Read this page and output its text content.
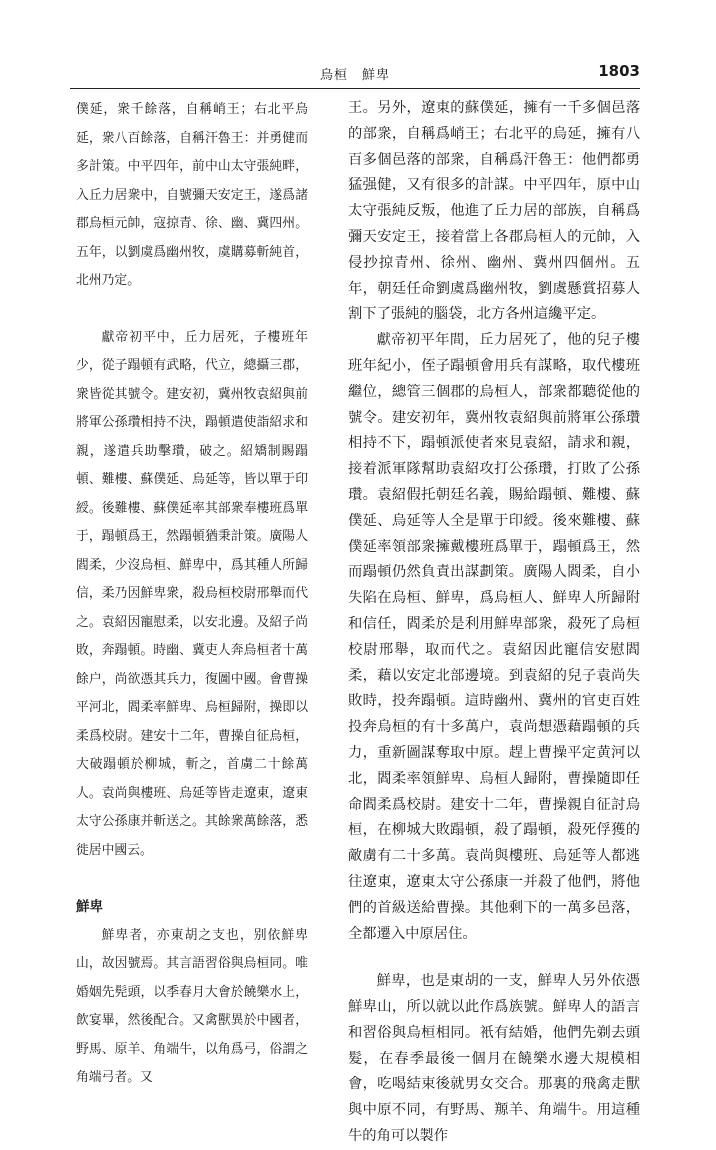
烏桓　鮮卑	1803

僕延，衆千餘落，自稱峭王；右北平烏延，衆八百餘落，自稱汗魯王：并勇健而多計策。中平四年，前中山太守張純畔，入丘力居衆中，自號彌天安定王，遂爲諸郡烏桓元帥，寇掠青、徐、幽、冀四州。五年，以劉虞爲幽州牧，虞購募斬純首，北州乃定。

獻帝初平中，丘力居死，子樓班年少，從子蹋頓有武略，代立，總攝三郡，衆皆從其號令。建安初，冀州牧袁紹與前將軍公孫瓚相持不決，蹋頓遣使詣紹求和親，遂遣兵助擊瓚，破之。紹矯制賜蹋頓、難樓、蘇僕延、烏延等，皆以單于印綬。後難樓、蘇僕延率其部衆奉樓班爲單于，蹋頓爲王，然蹋頓猶秉計策。廣陽人閻柔，少沒烏桓、鮮卑中，爲其種人所歸信，柔乃因鮮卑衆，殺烏桓校尉邢舉而代之。袁紹因寵慰柔，以安北邊。及紹子尚敗，奔蹋頓。時幽、冀吏人奔烏桓者十萬餘户，尚欲憑其兵力，復圖中國。會曹操平河北，閻柔率鮮卑、烏桓歸附，操即以柔爲校尉。建安十二年，曹操自征烏桓，大破蹋頓於柳城，斬之，首虜二十餘萬人。袁尚與樓班、烏延等皆走遼東，遼東太守公孫康并斬送之。其餘衆萬餘落，悉徙居中國云。

鮮卑

鮮卑者，亦東胡之支也，别依鮮卑山，故因號焉。其言語習俗與烏桓同。唯婚姻先髡頭，以季春月大會於饒樂水上，飲宴畢，然後配合。又禽獸異於中國者，野馬、原羊、角端牛，以角爲弓，俗謂之角端弓者。又

王。另外，遼東的蘇僕延，擁有一千多個邑落的部衆，自稱爲峭王；右北平的烏延，擁有八百多個邑落的部衆，自稱爲汗魯王：他們都勇猛强健，又有很多的計謀。中平四年，原中山太守張純反叛，他進了丘力居的部族，自稱爲彌天安定王，接着當上各郡烏桓人的元帥，入侵抄掠青州、徐州、幽州、冀州四個州。五年，朝廷任命劉虞爲幽州牧，劉虞懸賞招募人割下了張純的腦袋，北方各州這纔平定。

獻帝初平年間，丘力居死了，他的兒子樓班年紀小，侄子蹋頓會用兵有謀略，取代樓班繼位，總管三個郡的烏桓人，部衆都聽從他的號令。建安初年，冀州牧袁紹與前將軍公孫瓚相持不下，蹋頓派使者來見袁紹，請求和親，接着派軍隊幫助袁紹攻打公孫瓚，打敗了公孫瓚。袁紹假托朝廷名義，賜給蹋頓、難樓、蘇僕延、烏延等人全是單于印綬。後來難樓、蘇僕延率領部衆擁戴樓班爲單于，蹋頓爲王，然而蹋頓仍然負責出謀劃策。廣陽人閻柔，自小失陷在烏桓、鮮卑，爲烏桓人、鮮卑人所歸附和信任，閻柔於是利用鮮卑部衆，殺死了烏桓校尉邢舉，取而代之。袁紹因此寵信安慰閻柔，藉以安定北部邊境。到袁紹的兒子袁尚失敗時，投奔蹋頓。這時幽州、冀州的官吏百姓投奔烏桓的有十多萬户，袁尚想憑藉蹋頓的兵力，重新圖謀奪取中原。趕上曹操平定黄河以北，閻柔率領鮮卑、烏桓人歸附，曹操隨即任命閻柔爲校尉。建安十二年，曹操親自征討烏桓，在柳城大敗蹋頓，殺了蹋頓，殺死俘獲的敵虜有二十多萬。袁尚與樓班、烏延等人都逃往遼東，遼東太守公孫康一并殺了他們，將他們的首級送給曹操。其他剩下的一萬多邑落，全都遷入中原居住。

鮮卑，也是東胡的一支，鮮卑人另外依憑鮮卑山，所以就以此作爲族號。鮮卑人的語言和習俗與烏桓相同。衹有結婚，他們先剃去頭髮，在春季最後一個月在饒樂水邊大規模相會，吃喝結束後就男女交合。那裏的飛禽走獸與中原不同，有野馬、羱羊、角端牛。用這種牛的角可以製作
